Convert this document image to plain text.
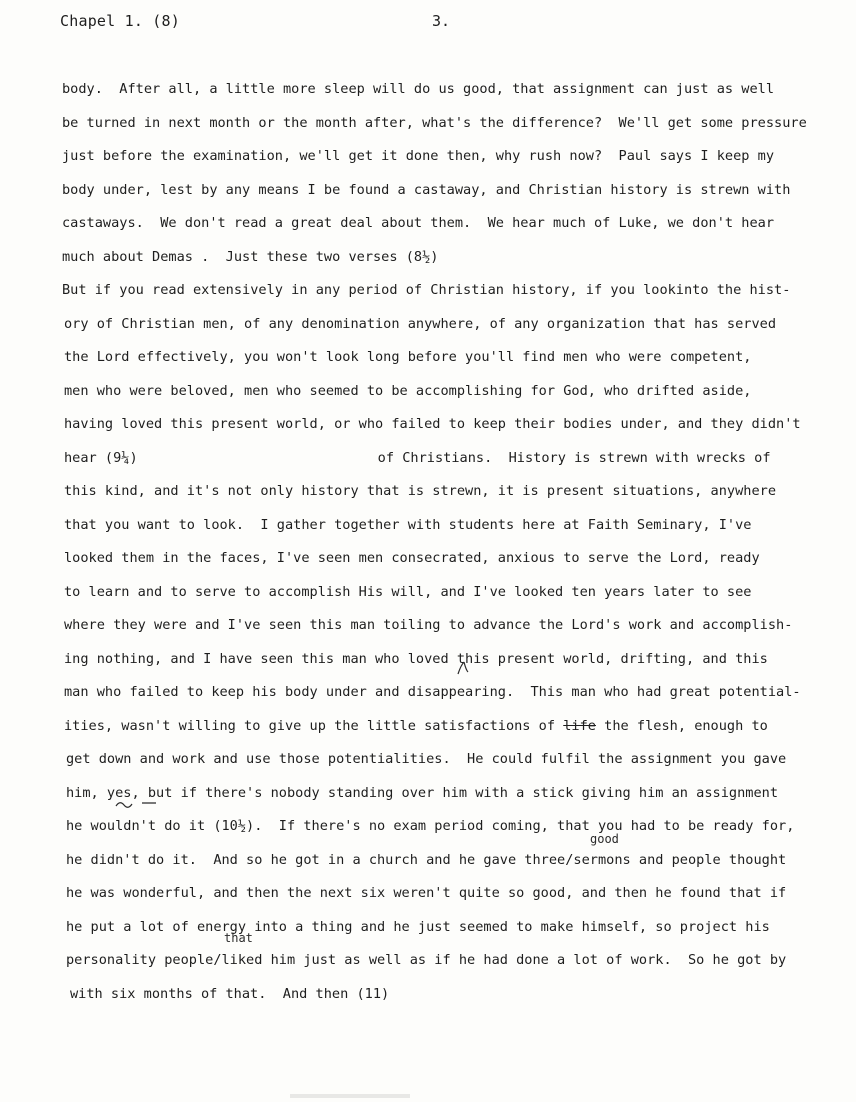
Chapel 1. (8)	3.
body.  After all, a little more sleep will do us good, that assignment can just as well
be turned in next month or the month after, what's the difference?  We'll get some pressure
just before the examination, we'll get it done then, why rush now?  Paul says I keep my
body under, lest by any means I be found a castaway, and Christian history is strewn with
castaways.  We don't read a great deal about them.  We hear much of Luke, we don't hear
much about Demas .  Just these two verses (8½)
But if you read extensively in any period of Christian history, if you lookinto the hist-
ory of Christian men, of any denomination anywhere, of any organization that has served
the Lord effectively, you won't look long before you'll find men who were competent,
men who were beloved, men who seemed to be accomplishing for God, who drifted aside,
having loved this present world, or who failed to keep their bodies under, and they didn't
hear (9¼)	of Christians.  History is strewn with wrecks of
this kind, and it's not only history that is strewn, it is present situations, anywhere
that you want to look.  I gather together with students here at Faith Seminary, I've
looked them in the faces, I've seen men consecrated, anxious to serve the Lord, ready
to learn and to serve to accomplish His will, and I've looked ten years later to see
where they were and I've seen this man toiling to advance the Lord's work and accomplish-
ing nothing, and I have seen this man who loved this present world, drifting, and this
man who failed to keep his body under and disappearing.  This man who had great potential-
ities, wasn't willing to give up the little satisfactions of life the flesh, enough to
get down and work and use those potentialities.  He could fulfil the assignment you gave
him, yes, but if there's nobody standing over him with a stick giving him an assignment
he wouldn't do it (10½).  If there's no exam period coming, that you had to be ready for,
he didn't do it.  And so he got in a church and he gave three/sermons and people thought
he was wonderful, and then the next six weren't quite so good, and then he found that if
he put a lot of energy into a thing and he just seemed to make himself, so project his
personality people/liked him just as well as if he had done a lot of work.  So he got by
with six months of that.  And then (11)
good
that
